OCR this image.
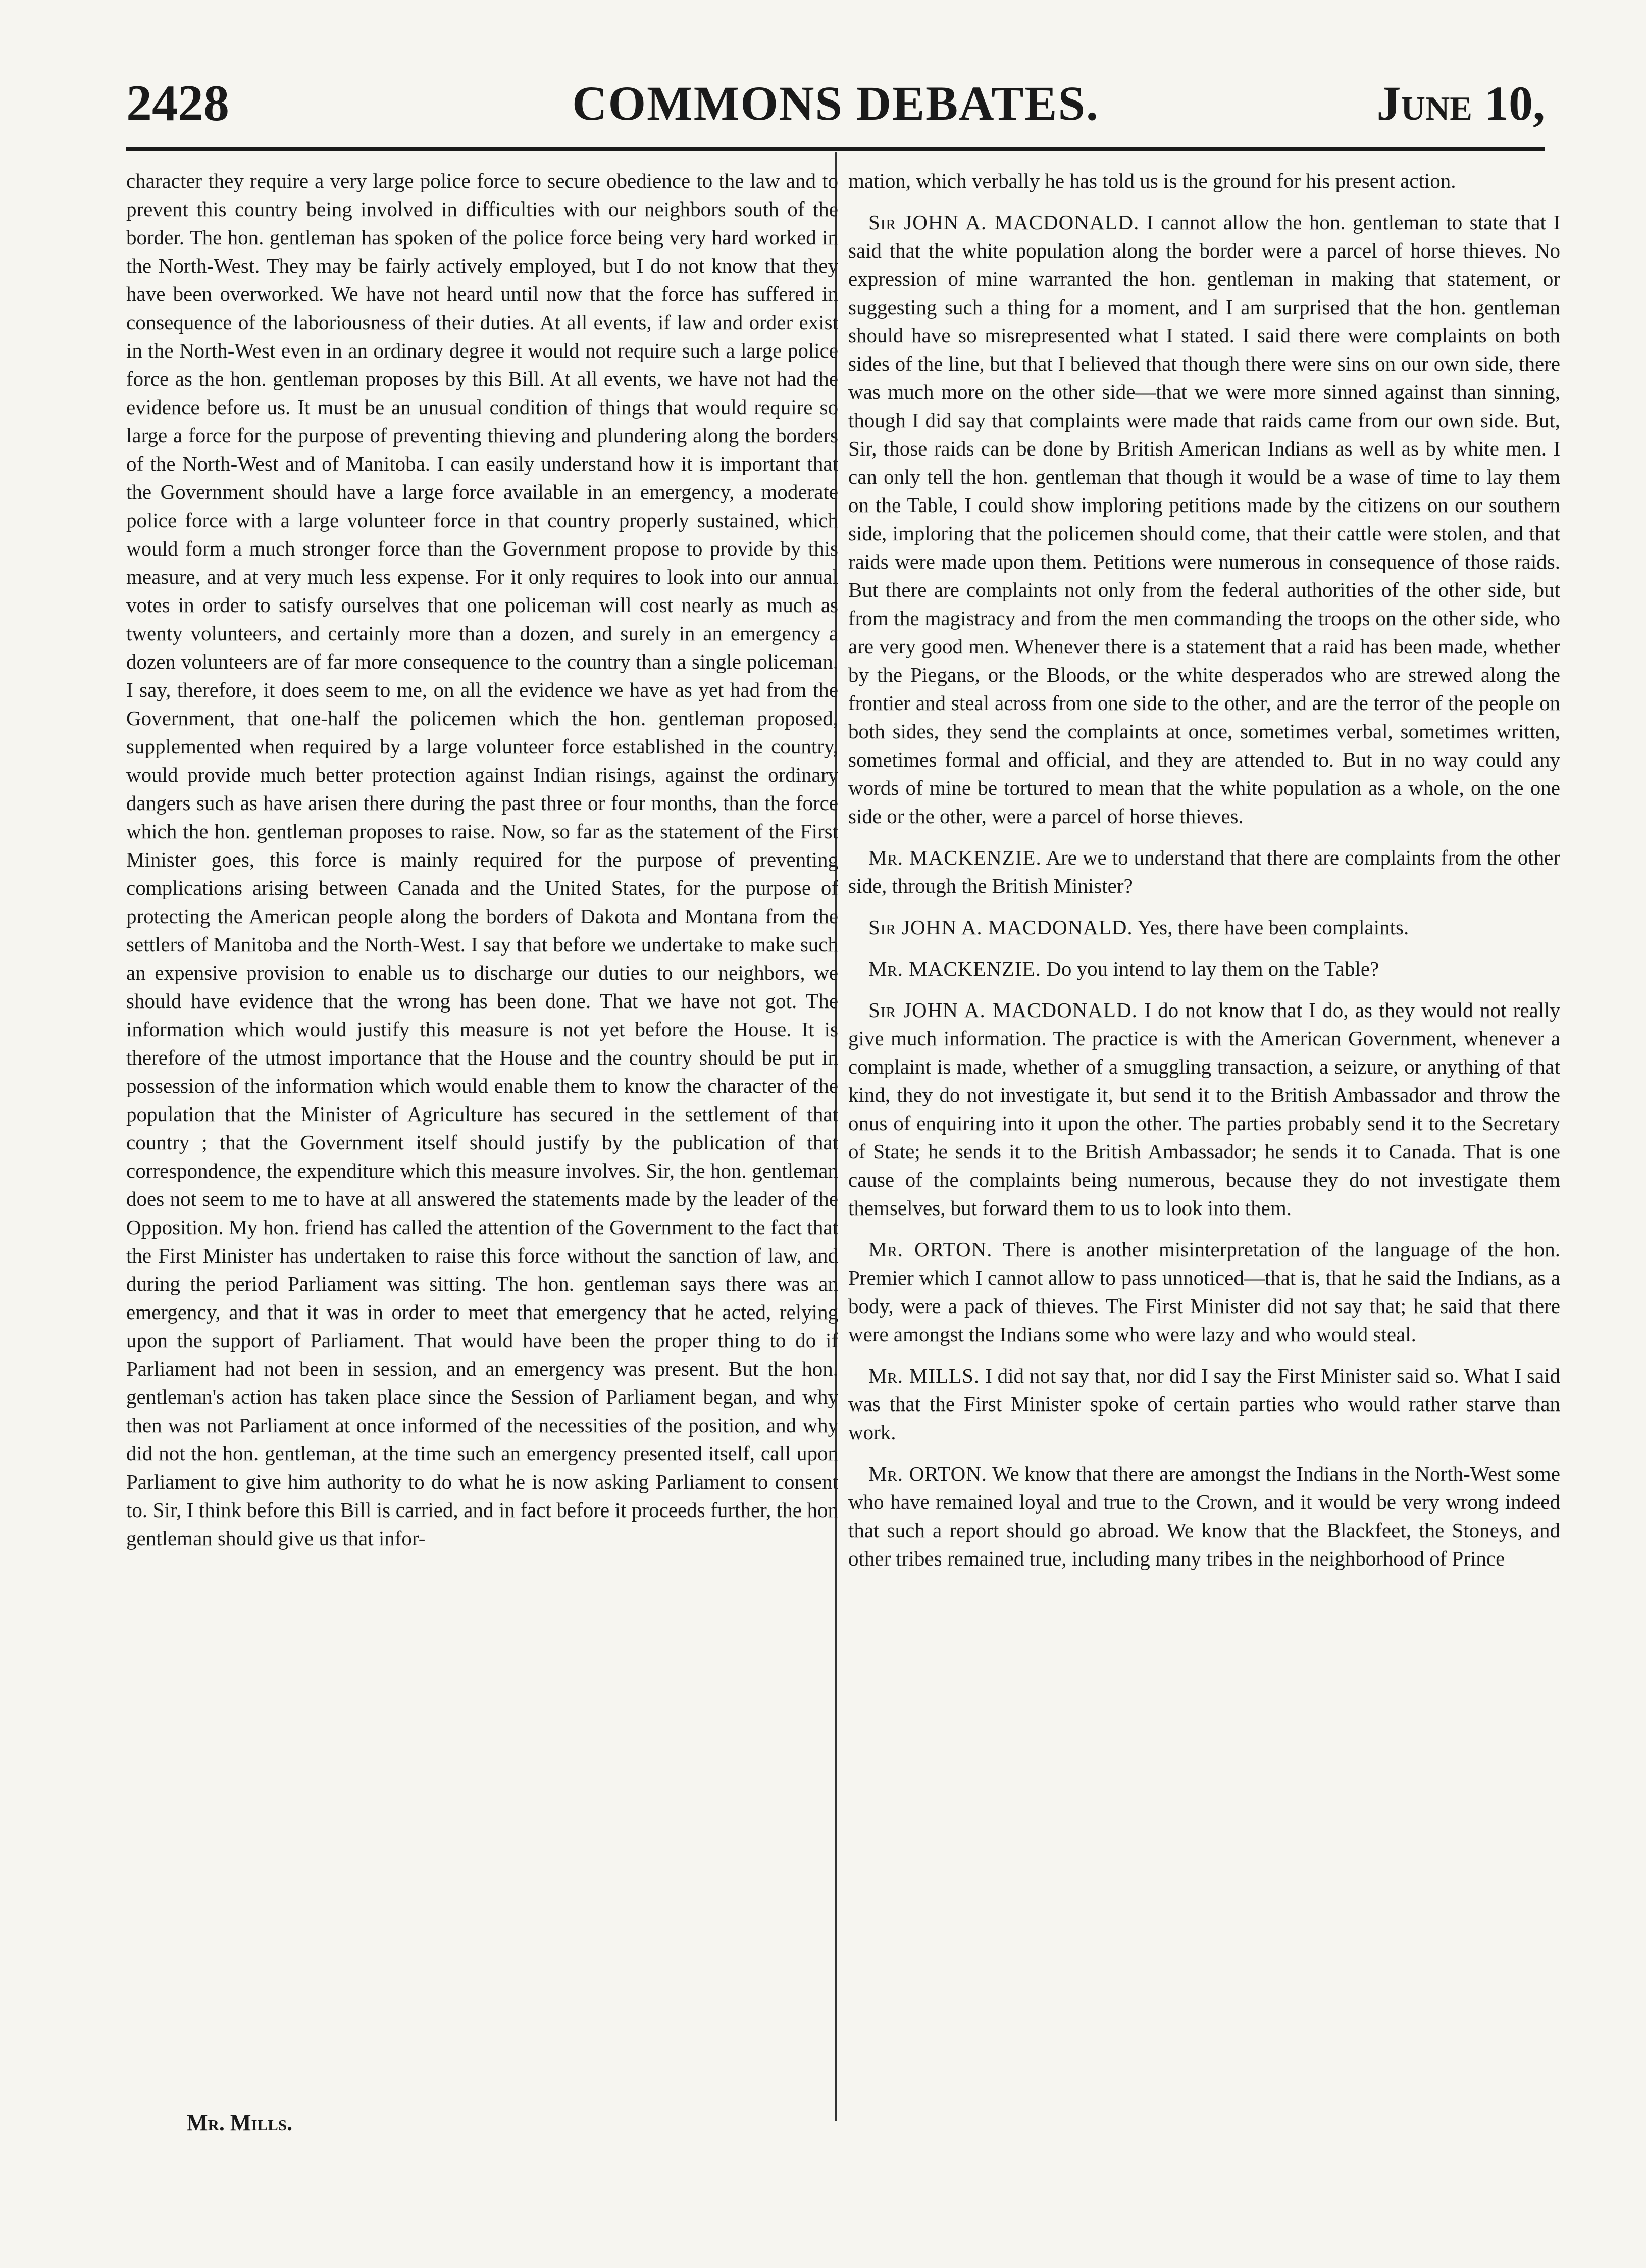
COMMONS DEBATES.
2428	June 10,

character they require a very large police force to secure obedience to the law and to prevent this country being involved in difficulties with our neighbors south of the border. The hon. gentleman has spoken of the police force being very hard worked in the North-West. They may be fairly actively employed, but I do not know that they have been overworked. We have not heard until now that the force has suffered in consequence of the laboriousness of their duties. At all events, if law and order exist in the North-West even in an ordinary degree it would not require such a large police force as the hon. gentleman proposes by this Bill. At all events, we have not had the evidence before us. It must be an unusual condition of things that would require so large a force for the purpose of preventing thieving and plundering along the borders of the North-West and of Manitoba. I can easily understand how it is important that the Government should have a large force available in an emergency, a moderate police force with a large volunteer force in that country properly sustained, which would form a much stronger force than the Government propose to provide by this measure, and at very much less expense. For it only requires to look into our annual votes in order to satisfy ourselves that one policeman will cost nearly as much as twenty volunteers, and certainly more than a dozen, and surely in an emergency a dozen volunteers are of far more consequence to the country than a single policeman. I say, therefore, it does seem to me, on all the evidence we have as yet had from the Government, that one-half the policemen which the hon. gentleman proposed, supplemented when required by a large volunteer force established in the country, would provide much better protection against Indian risings, against the ordinary dangers such as have arisen there during the past three or four months, than the force which the hon. gentleman proposes to raise. Now, so far as the statement of the First Minister goes, this force is mainly required for the purpose of preventing complications arising between Canada and the United States, for the purpose of protecting the American people along the borders of Dakota and Montana from the settlers of Manitoba and the North-West. I say that before we undertake to make such an expensive provision to enable us to discharge our duties to our neighbors, we should have evidence that the wrong has been done. That we have not got. The information which would justify this measure is not yet before the House. It is therefore of the utmost importance that the House and the country should be put in possession of the information which would enable them to know the character of the population that the Minister of Agriculture has secured in the settlement of that country ; that the Government itself should justify by the publication of that correspondence, the expenditure which this measure involves. Sir, the hon. gentleman does not seem to me to have at all answered the statements made by the leader of the Opposition. My hon. friend has called the attention of the Government to the fact that the First Minister has undertaken to raise this force without the sanction of law, and during the period Parliament was sitting. The hon. gentleman says there was an emergency, and that it was in order to meet that emergency that he acted, relying upon the support of Parliament. That would have been the proper thing to do if Parliament had not been in session, and an emergency was present. But the hon. gentleman's action has taken place since the Session of Parliament began, and why then was not Parliament at once informed of the necessities of the position, and why did not the hon. gentleman, at the time such an emergency presented itself, call upon Parliament to give him authority to do what he is now asking Parliament to consent to. Sir, I think before this Bill is carried, and in fact before it proceeds further, the hon gentleman should give us that infor-

mation, which verbally he has told us is the ground for his present action.

Sir JOHN A. MACDONALD. I cannot allow the hon. gentleman to state that I said that the white population along the border were a parcel of horse thieves. No expression of mine warranted the hon. gentleman in making that statement, or suggesting such a thing for a moment, and I am surprised that the hon. gentleman should have so misrepresented what I stated. I said there were complaints on both sides of the line, but that I believed that though there were sins on our own side, there was much more on the other side—that we were more sinned against than sinning, though I did say that complaints were made that raids came from our own side. But, Sir, those raids can be done by British American Indians as well as by white men. I can only tell the hon. gentleman that though it would be a wase of time to lay them on the Table, I could show imploring petitions made by the citizens on our southern side, imploring that the policemen should come, that their cattle were stolen, and that raids were made upon them. Petitions were numerous in consequence of those raids. But there are complaints not only from the federal authorities of the other side, but from the magistracy and from the men commanding the troops on the other side, who are very good men. Whenever there is a statement that a raid has been made, whether by the Piegans, or the Bloods, or the white desperados who are strewed along the frontier and steal across from one side to the other, and are the terror of the people on both sides, they send the complaints at once, sometimes verbal, sometimes written, sometimes formal and official, and they are attended to. But in no way could any words of mine be tortured to mean that the white population as a whole, on the one side or the other, were a parcel of horse thieves.

Mr. MACKENZIE. Are we to understand that there are complaints from the other side, through the British Minister?

Sir JOHN A. MACDONALD. Yes, there have been complaints.

Mr. MACKENZIE. Do you intend to lay them on the Table?

Sir JOHN A. MACDONALD. I do not know that I do, as they would not really give much information. The practice is with the American Government, whenever a complaint is made, whether of a smuggling transaction, a seizure, or anything of that kind, they do not investigate it, but send it to the British Ambassador and throw the onus of enquiring into it upon the other. The parties probably send it to the Secretary of State; he sends it to the British Ambassador; he sends it to Canada. That is one cause of the complaints being numerous, because they do not investigate them themselves, but forward them to us to look into them.

Mr. ORTON. There is another misinterpretation of the language of the hon. Premier which I cannot allow to pass unnoticed—that is, that he said the Indians, as a body, were a pack of thieves. The First Minister did not say that; he said that there were amongst the Indians some who were lazy and who would steal.

Mr. MILLS. I did not say that, nor did I say the First Minister said so. What I said was that the First Minister spoke of certain parties who would rather starve than work.

Mr. ORTON. We know that there are amongst the Indians in the North-West some who have remained loyal and true to the Crown, and it would be very wrong indeed that such a report should go abroad. We know that the Blackfeet, the Stoneys, and other tribes remained true, including many tribes in the neighborhood of Prince

Mr. Mills.
